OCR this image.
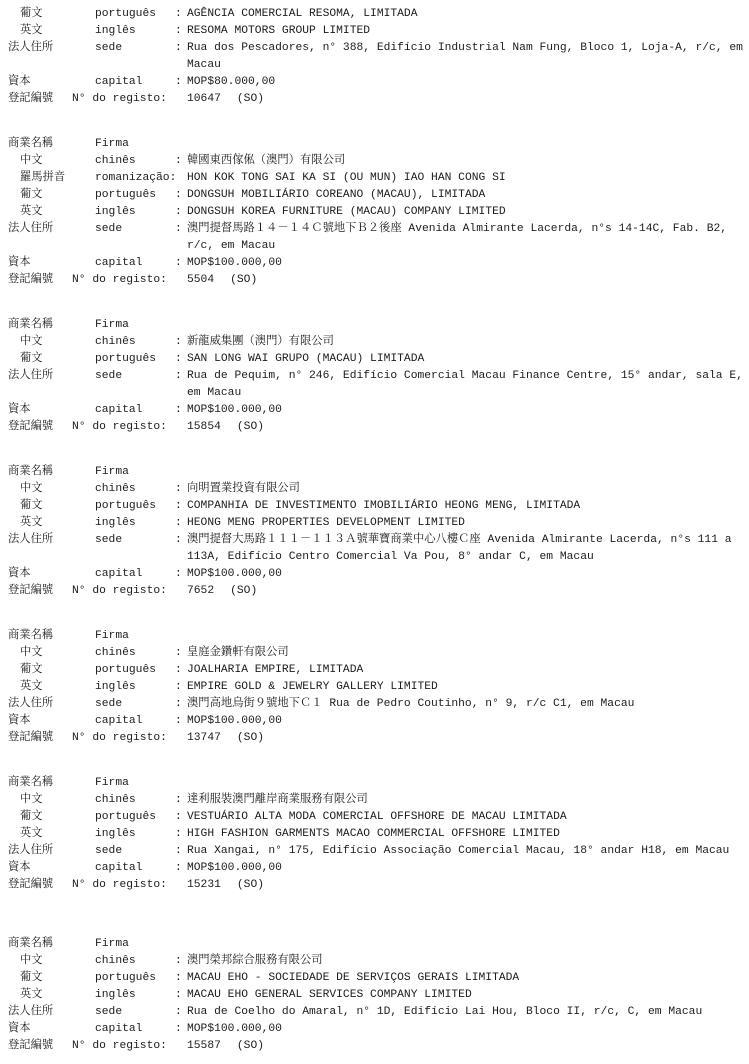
葡文	português	: AGÊNCIA COMERCIAL RESOMA, LIMITADA
英文	inglês	: RESOMA MOTORS GROUP LIMITED
法人住所	sede	: Rua dos Pescadores, n° 388, Edifício Industrial Nam Fung, Bloco 1, Loja-A, r/c, em Macau
資本	capital	: MOP$80.000,00
登記編號	N° do registo:	10647 (SO)
商業名稱	Firma
中文	chinês	: 韓國東西傢俬（澳門）有限公司
羅馬拼音	romanização: HON KOK TONG SAI KA SI (OU MUN) IAO HAN CONG SI
葡文	português	: DONGSUH MOBILIÁRIO COREANO (MACAU), LIMITADA
英文	inglês	: DONGSUH KOREA FURNITURE (MACAU) COMPANY LIMITED
法人住所	sede	: 澳門提督馬路１４－１４Ｃ號地下Ｂ２後座 Avenida Almirante Lacerda, n°s 14-14C, Fab. B2, r/c, em Macau
資本	capital	: MOP$100.000,00
登記編號	N° do registo:	5504 (SO)
商業名稱	Firma
中文	chinês	: 新龍威集團（澳門）有限公司
葡文	português	: SAN LONG WAI GRUPO (MACAU) LIMITADA
法人住所	sede	: Rua de Pequim, n° 246, Edifício Comercial Macau Finance Centre, 15° andar, sala E, em Macau
資本	capital	: MOP$100.000,00
登記編號	N° do registo:	15854 (SO)
商業名稱	Firma
中文	chinês	: 向明置業投資有限公司
葡文	português	: COMPANHIA DE INVESTIMENTO IMOBILIÁRIO HEONG MENG, LIMITADA
英文	inglês	: HEONG MENG PROPERTIES DEVELOPMENT LIMITED
法人住所	sede	: 澳門提督大馬路１１１－１１３Ａ號華寶商業中心八樓Ｃ座 Avenida Almirante Lacerda, n°s 111 a 113A, Edifício Centro Comercial Va Pou, 8° andar C, em Macau
資本	capital	: MOP$100.000,00
登記編號	N° do registo:	7652 (SO)
商業名稱	Firma
中文	chinês	: 皇庭金鑽軒有限公司
葡文	português	: JOALHARIA EMPIRE, LIMITADA
英文	inglês	: EMPIRE GOLD & JEWELRY GALLERY LIMITED
法人住所	sede	: 澳門高地烏街９號地下Ｃ１ Rua de Pedro Coutinho, n° 9, r/c C1, em Macau
資本	capital	: MOP$100.000,00
登記編號	N° do registo:	13747 (SO)
商業名稱	Firma
中文	chinês	: 達利服裝澳門離岸商業服務有限公司
葡文	português	: VESTUÁRIO ALTA MODA COMERCIAL OFFSHORE DE MACAU LIMITADA
英文	inglês	: HIGH FASHION GARMENTS MACAO COMMERCIAL OFFSHORE LIMITED
法人住所	sede	: Rua Xangai, n° 175, Edifício Associação Comercial Macau, 18° andar H18, em Macau
資本	capital	: MOP$100.000,00
登記編號	N° do registo:	15231 (SO)
商業名稱	Firma
中文	chinês	: 澳門榮邦綜合服務有限公司
葡文	português	: MACAU EHO - SOCIEDADE DE SERVIÇOS GERAIS LIMITADA
英文	inglês	: MACAU EHO GENERAL SERVICES COMPANY LIMITED
法人住所	sede	: Rua de Coelho do Amaral, n° 1D, Edifício Lai Hou, Bloco II, r/c, C, em Macau
資本	capital	: MOP$100.000,00
登記編號	N° do registo:	15587 (SO)
